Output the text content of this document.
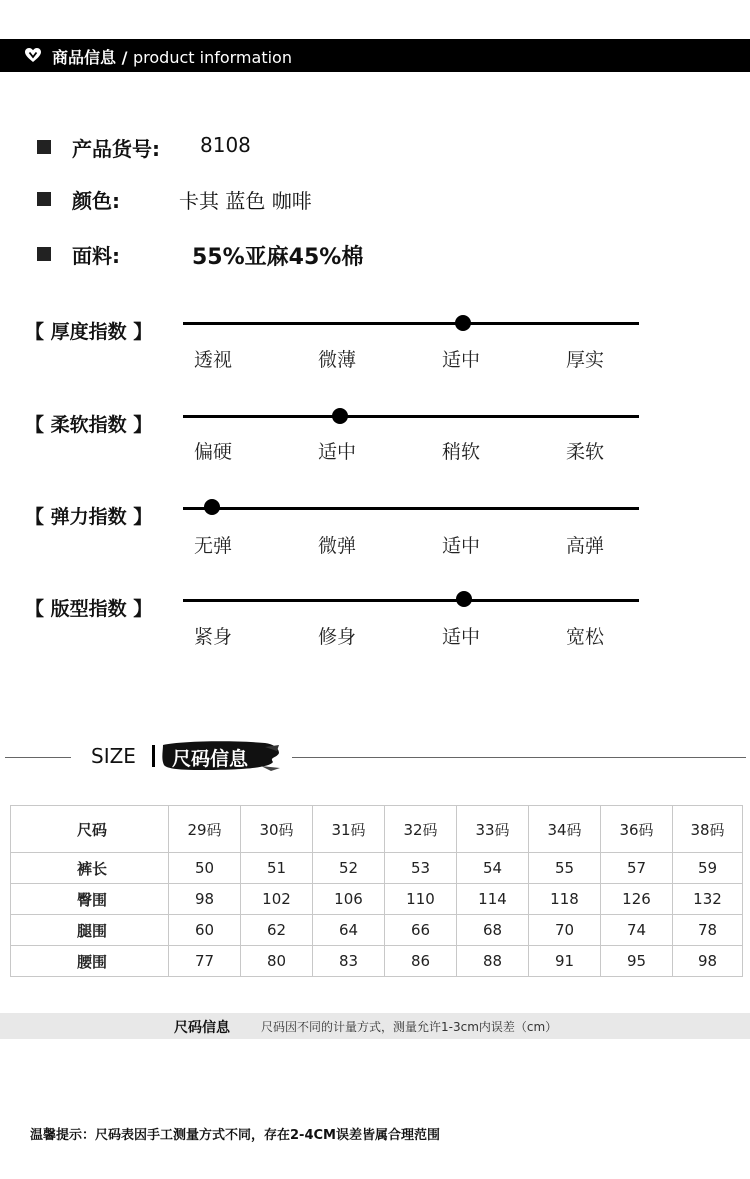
商品信息 / product information
产品货号: 8108
颜色:	卡其 蓝色 咖啡
面料:	55%亚麻45%棉
【 厚度指数 】
透视	微薄	适中	厚实
【 柔软指数 】
偏硬	适中	稍软	柔软
【 弹力指数 】
无弹	微弹	适中	高弹
【 版型指数 】
紧身	修身	适中	宽松
SIZE 尺码信息
尺码	29码	30码	31码	32码	33码	34码	36码	38码
裤长	50	51	52	53	54	55	57	59
臀围	98	102	106	110	114	118	126	132
腿围	60	62	64	66	68	70	74	78
腰围	77	80	83	86	88	91	95	98
尺码信息	尺码因不同的计量方式，测量允许1-3cm内误差（cm）
温馨提示：尺码表因手工测量方式不同，存在2-4CM误差皆属合理范围
